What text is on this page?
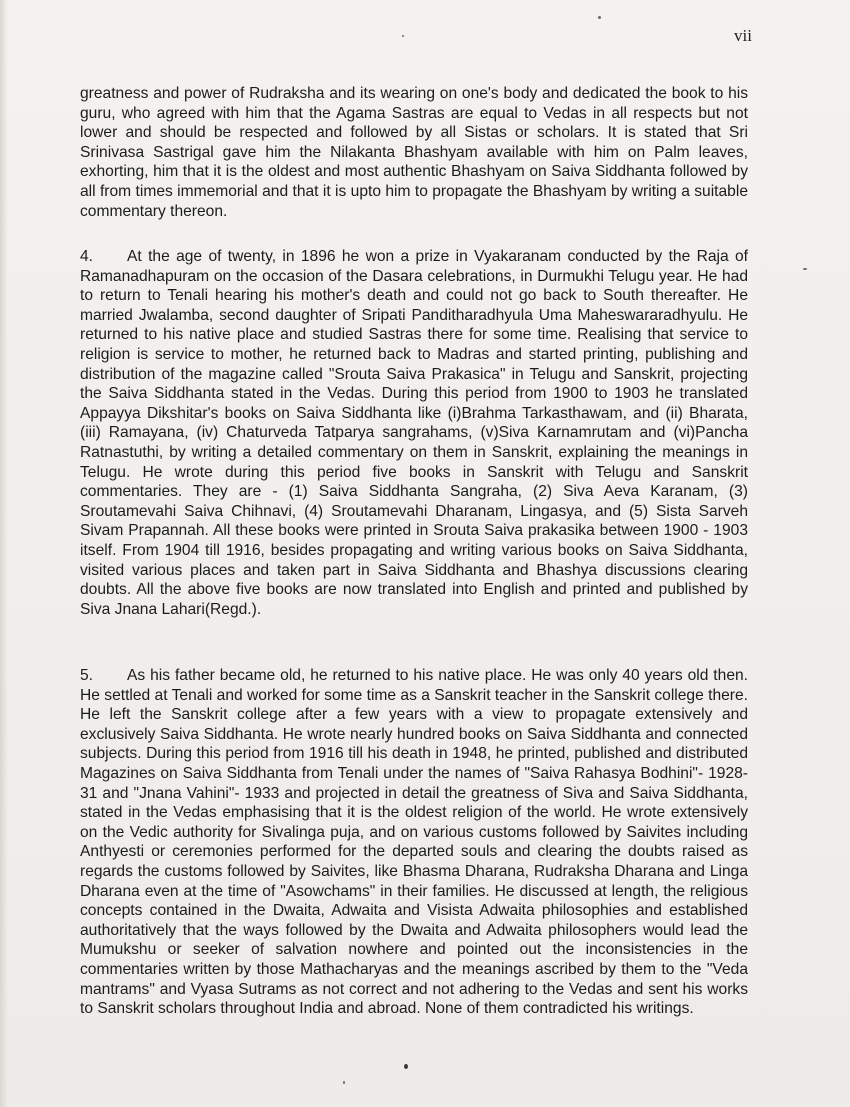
vii

greatness and power of Rudraksha and its wearing on one's body and dedicated the book to his guru, who agreed with him that the Agama Sastras are equal to Vedas in all respects but not lower and should be respected and followed by all Sistas or scholars. It is stated that Sri Srinivasa Sastrigal gave him the Nilakanta Bhashyam available with him on Palm leaves, exhorting, him that it is the oldest and most authentic Bhashyam on Saiva Siddhanta followed by all from times immemorial and that it is upto him to propagate the Bhashyam by writing a suitable commentary thereon.

4. At the age of twenty, in 1896 he won a prize in Vyakaranam conducted by the Raja of Ramanadhapuram on the occasion of the Dasara celebrations, in Durmukhi Telugu year. He had to return to Tenali hearing his mother's death and could not go back to South thereafter. He married Jwalamba, second daughter of Sripati Panditharadhyula Uma Maheswararadhyulu. He returned to his native place and studied Sastras there for some time. Realising that service to religion is service to mother, he returned back to Madras and started printing, publishing and distribution of the magazine called "Srouta Saiva Prakasica" in Telugu and Sanskrit, projecting the Saiva Siddhanta stated in the Vedas. During this period from 1900 to 1903 he translated Appayya Dikshitar's books on Saiva Siddhanta like (i)Brahma Tarkasthawam, and (ii) Bharata, (iii) Ramayana, (iv) Chaturveda Tatparya sangrahams, (v)Siva Karnamrutam and (vi)Pancha Ratnastuthi, by writing a detailed commentary on them in Sanskrit, explaining the meanings in Telugu. He wrote during this period five books in Sanskrit with Telugu and Sanskrit commentaries. They are - (1) Saiva Siddhanta Sangraha, (2) Siva Aeva Karanam, (3) Sroutamevahi Saiva Chihnavi, (4) Sroutamevahi Dharanam, Lingasya, and (5) Sista Sarveh Sivam Prapannah. All these books were printed in Srouta Saiva prakasika between 1900 - 1903 itself. From 1904 till 1916, besides propagating and writing various books on Saiva Siddhanta, visited various places and taken part in Saiva Siddhanta and Bhashya discussions clearing doubts. All the above five books are now translated into English and printed and published by Siva Jnana Lahari(Regd.).

5. As his father became old, he returned to his native place. He was only 40 years old then. He settled at Tenali and worked for some time as a Sanskrit teacher in the Sanskrit college there. He left the Sanskrit college after a few years with a view to propagate extensively and exclusively Saiva Siddhanta. He wrote nearly hundred books on Saiva Siddhanta and connected subjects. During this period from 1916 till his death in 1948, he printed, published and distributed Magazines on Saiva Siddhanta from Tenali under the names of "Saiva Rahasya Bodhini"- 1928-31 and "Jnana Vahini"- 1933 and projected in detail the greatness of Siva and Saiva Siddhanta, stated in the Vedas emphasising that it is the oldest religion of the world. He wrote extensively on the Vedic authority for Sivalinga puja, and on various customs followed by Saivites including Anthyesti or ceremonies performed for the departed souls and clearing the doubts raised as regards the customs followed by Saivites, like Bhasma Dharana, Rudraksha Dharana and Linga Dharana even at the time of "Asowchams" in their families. He discussed at length, the religious concepts contained in the Dwaita, Adwaita and Visista Adwaita philosophies and established authoritatively that the ways followed by the Dwaita and Adwaita philosophers would lead the Mumukshu or seeker of salvation nowhere and pointed out the inconsistencies in the commentaries written by those Mathacharyas and the meanings ascribed by them to the "Veda mantrams" and Vyasa Sutrams as not correct and not adhering to the Vedas and sent his works to Sanskrit scholars throughout India and abroad. None of them contradicted his writings.
